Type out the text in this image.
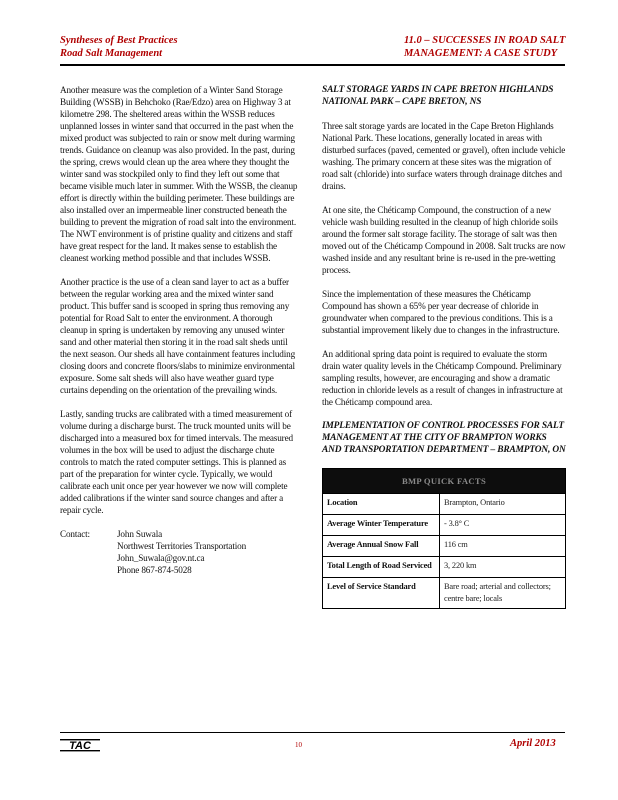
Syntheses of Best Practices
Road Salt Management
11.0 – SUCCESSES IN ROAD SALT
MANAGEMENT: A CASE STUDY

Another measure was the completion of a Winter Sand Storage Building (WSSB) in Behchoko (Rae/Edzo) area on Highway 3 at kilometre 298. The sheltered areas within the WSSB reduces unplanned losses in winter sand that occurred in the past when the mixed product was subjected to rain or snow melt during warming trends. Guidance on cleanup was also provided. In the past, during the spring, crews would clean up the area where they thought the winter sand was stockpiled only to find they left out some that became visible much later in summer. With the WSSB, the cleanup effort is directly within the building perimeter. These buildings are also installed over an impermeable liner constructed beneath the building to prevent the migration of road salt into the environment. The NWT environment is of pristine quality and citizens and staff have great respect for the land. It makes sense to establish the cleanest working method possible and that includes WSSB.

Another practice is the use of a clean sand layer to act as a buffer between the regular working area and the mixed winter sand product. This buffer sand is scooped in spring thus removing any potential for Road Salt to enter the environment. A thorough cleanup in spring is undertaken by removing any unused winter sand and other material then storing it in the road salt sheds until the next season. Our sheds all have containment features including closing doors and concrete floors/slabs to minimize environmental exposure. Some salt sheds will also have weather guard type curtains depending on the orientation of the prevailing winds.

Lastly, sanding trucks are calibrated with a timed measurement of volume during a discharge burst. The truck mounted units will be discharged into a measured box for timed intervals. The measured volumes in the box will be used to adjust the discharge chute controls to match the rated computer settings. This is planned as part of the preparation for winter cycle. Typically, we would calibrate each unit once per year however we now will complete added calibrations if the winter sand source changes and after a repair cycle.

Contact:	John Suwala
Northwest Territories Transportation
John_Suwala@gov.nt.ca
Phone 867-874-5028
SALT STORAGE YARDS IN CAPE BRETON HIGHLANDS NATIONAL PARK – CAPE BRETON, NS

Three salt storage yards are located in the Cape Breton Highlands National Park. These locations, generally located in areas with disturbed surfaces (paved, cemented or gravel), often include vehicle washing. The primary concern at these sites was the migration of road salt (chloride) into surface waters through drainage ditches and drains.

At one site, the Chéticamp Compound, the construction of a new vehicle wash building resulted in the cleanup of high chloride soils around the former salt storage facility. The storage of salt was then moved out of the Chéticamp Compound in 2008. Salt trucks are now washed inside and any resultant brine is re-used in the pre-wetting process.

Since the implementation of these measures the Chéticamp Compound has shown a 65% per year decrease of chloride in groundwater when compared to the previous conditions. This is a substantial improvement likely due to changes in the infrastructure.

An additional spring data point is required to evaluate the storm drain water quality levels in the Chéticamp Compound. Preliminary sampling results, however, are encouraging and show a dramatic reduction in chloride levels as a result of changes in infrastructure at the Chéticamp compound area.

IMPLEMENTATION OF CONTROL PROCESSES FOR SALT MANAGEMENT AT THE CITY OF BRAMPTON WORKS AND TRANSPORTATION DEPARTMENT – BRAMPTON, ON
BMP QUICK FACTS	
Location	Brampton, Ontario
Average Winter Temperature	- 3.8° C
Average Annual Snow Fall	116 cm
Total Length of Road Serviced	3, 220 km
Level of Service Standard	Bare road; arterial and collectors; centre bare; locals
TAC	10	April 2013
